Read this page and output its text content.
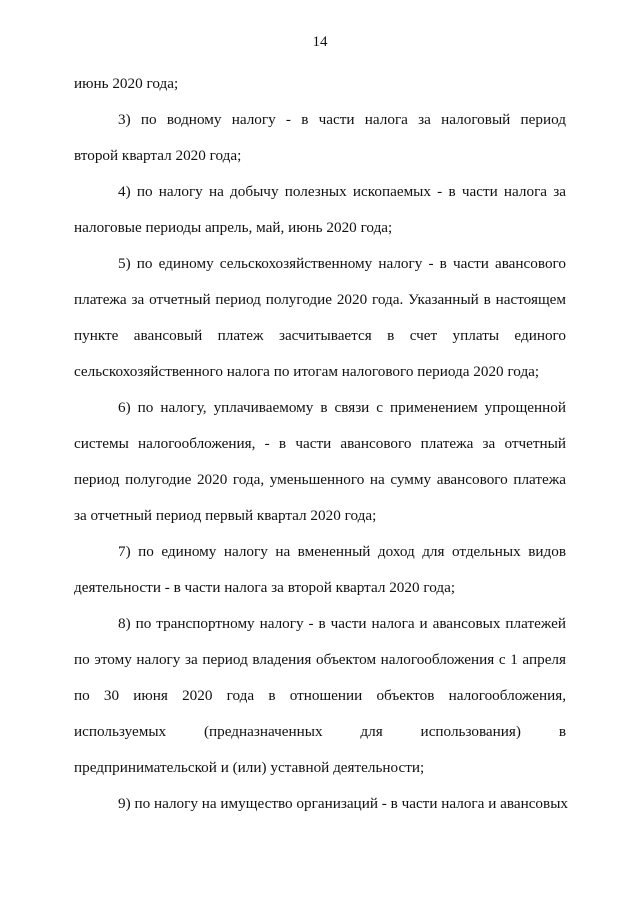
14
июнь 2020 года;
3) по водному налогу - в части налога за налоговый период
второй квартал 2020 года;
4) по налогу на добычу полезных ископаемых - в части налога за
налоговые периоды апрель, май, июнь 2020 года;
5) по единому сельскохозяйственному налогу - в части авансового
платежа за отчетный период полугодие 2020 года. Указанный в настоящем
пункте авансовый платеж засчитывается в счет уплаты единого
сельскохозяйственного налога по итогам налогового периода 2020 года;
6) по налогу, уплачиваемому в связи с применением упрощенной
системы налогообложения, - в части авансового платежа за отчетный
период полугодие 2020 года, уменьшенного на сумму авансового платежа
за отчетный период первый квартал 2020 года;
7) по единому налогу на вмененный доход для отдельных видов
деятельности - в части налога за второй квартал 2020 года;
8) по транспортному налогу - в части налога и авансовых платежей
по этому налогу за период владения объектом налогообложения с 1 апреля
по 30 июня 2020 года в отношении объектов налогообложения,
используемых (предназначенных для использования) в
предпринимательской и (или) уставной деятельности;
9) по налогу на имущество организаций - в части налога и авансовых
